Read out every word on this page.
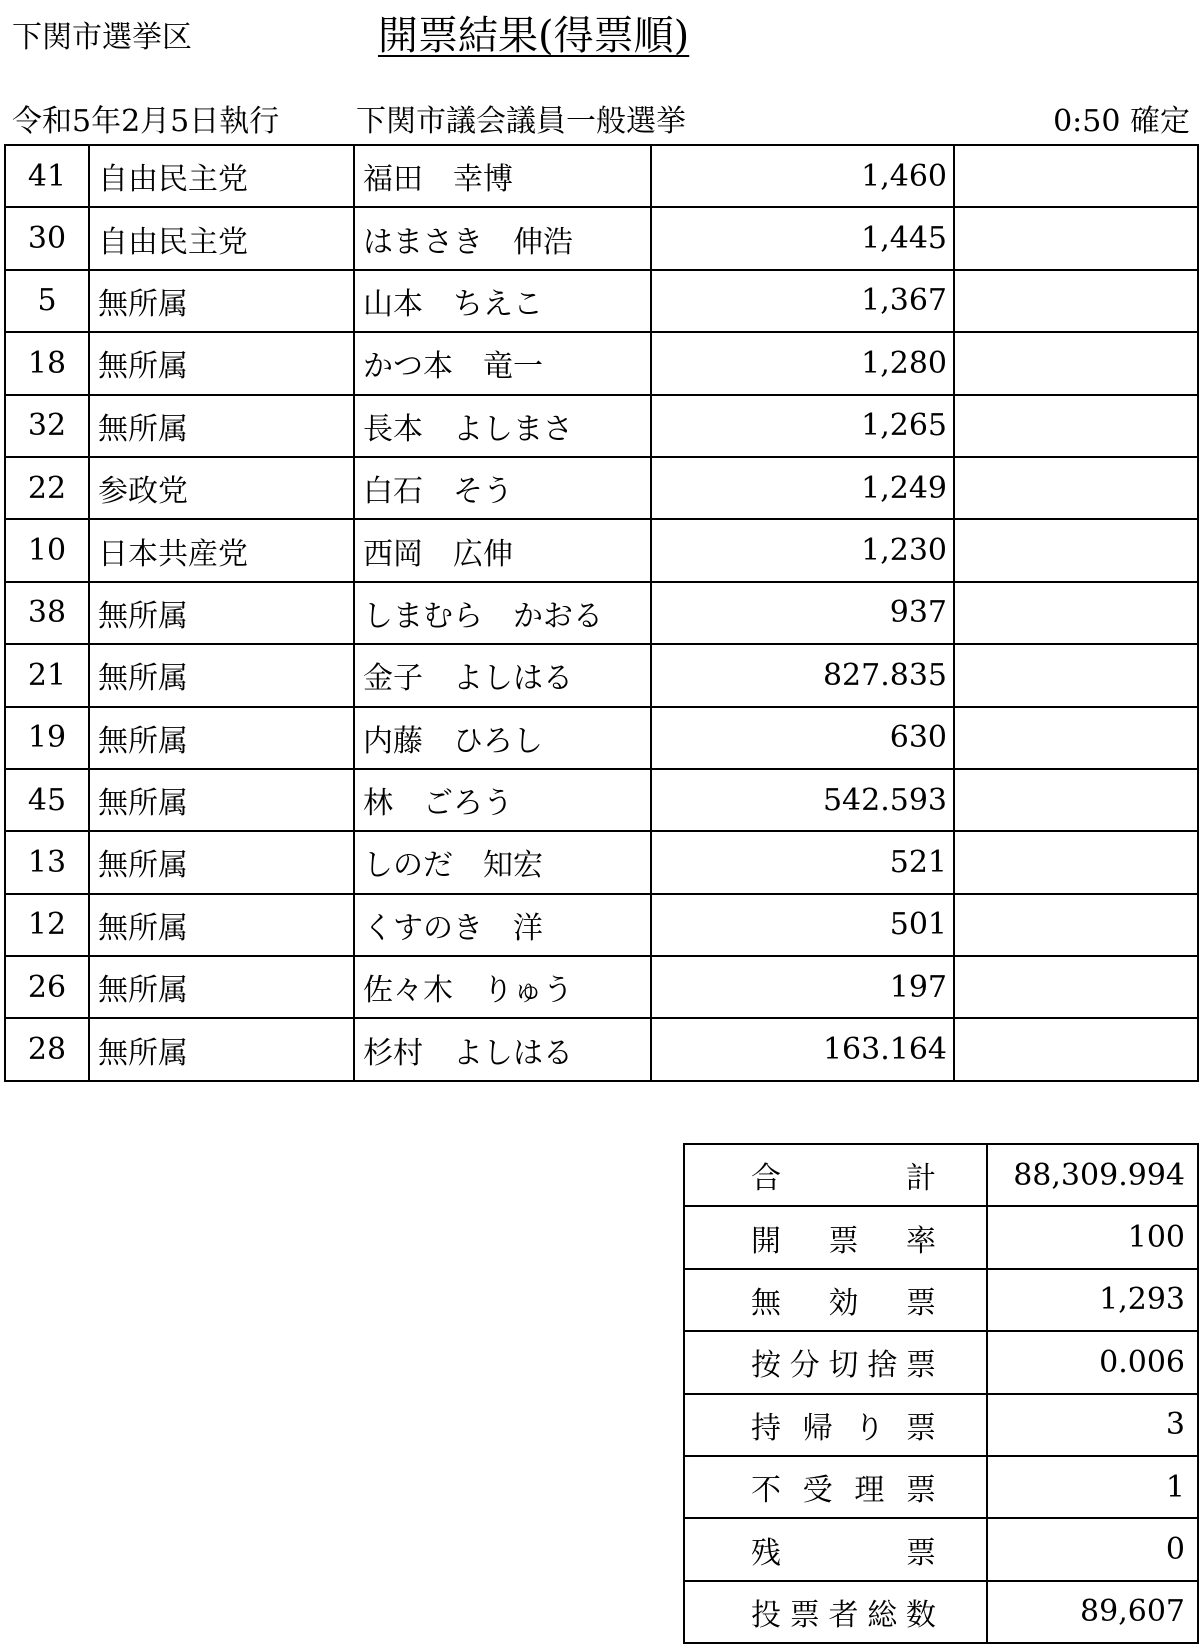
下関市選挙区	開票結果(得票順)
令和5年2月5日執行	下関市議会議員一般選挙	0:50 確定
41	自由民主党	福田　幸博	1,460	
30	自由民主党	はまさき　伸浩	1,445	
5	無所属	山本　ちえこ	1,367	
18	無所属	かつ本　竜一	1,280	
32	無所属	長本　よしまさ	1,265	
22	参政党	白石　そう	1,249	
10	日本共産党	西岡　広伸	1,230	
38	無所属	しまむら　かおる	937	
21	無所属	金子　よしはる	827.835	
19	無所属	内藤　ひろし	630	
45	無所属	林　ごろう	542.593	
13	無所属	しのだ　知宏	521	
12	無所属	くすのき　洋	501	
26	無所属	佐々木　りゅう	197	
28	無所属	杉村　よしはる	163.164	
合計	88,309.994
開票率	100
無効票	1,293
按分切捨票	0.006
持帰り票	3
不受理票	1
残票	0
投票者総数	89,607
